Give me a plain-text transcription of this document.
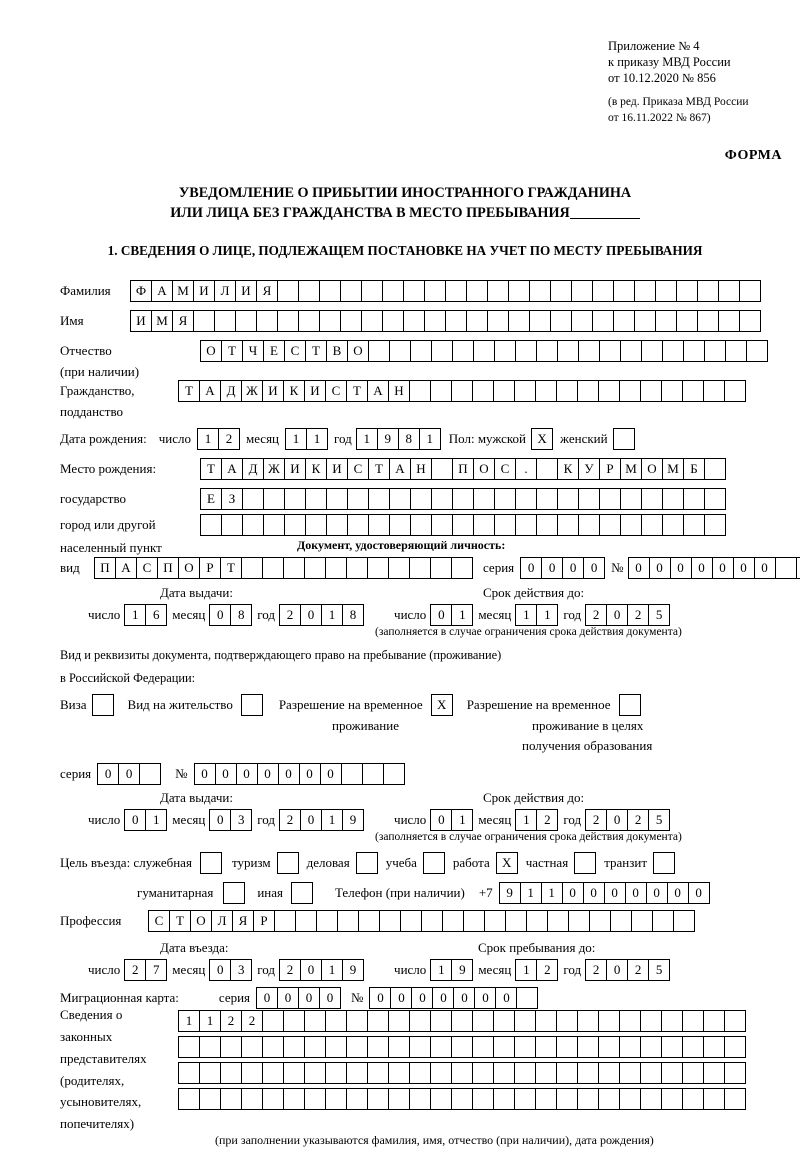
Приложение № 4
к приказу МВД России
от 10.12.2020 № 856
(в ред. Приказа МВД России
от 16.11.2022 № 867)
ФОРМА
УВЕДОМЛЕНИЕ О ПРИБЫТИИ ИНОСТРАННОГО ГРАЖДАНИНА
ИЛИ ЛИЦА БЕЗ ГРАЖДАНСТВА В МЕСТО ПРЕБЫВАНИЯ
1. СВЕДЕНИЯ О ЛИЦЕ, ПОДЛЕЖАЩЕМ ПОСТАНОВКЕ НА УЧЕТ ПО МЕСТУ ПРЕБЫВАНИЯ
Фамилия	Ф А М И Л И Я
Имя	И М Я
Отчество	О Т Ч Е С Т В О
(при наличии)
Гражданство,	Т А Д Ж И К И С Т А Н
подданство
Дата рождения: число	1	2	месяц	1	1	год 1	9	8	1	Пол: мужской X	женский
Место рождения:	Т А Д Ж И К И С Т А Н	П О С	.	К У Р М О М Б
государство	Е	З
город или другой
населенный пункт	Документ, удостоверяющий личность:
вид	П А С П О Р	Т	серия	0	0	0	0	№ 0	0	0	0	0	0	0
Дата выдачи:	Срок действия до:
число 1	6 месяц 0	8 год 2	0	1	8	число 0	1 месяц 1	1 год 2	0	2	5
(заполняется в случае ограничения срока действия документа)
Вид и реквизиты документа, подтверждающего право на пребывание (проживание)
в Российской Федерации:
Виза	Вид на жительство	Разрешение на временное	X	Разрешение на временное
проживание	проживание в целях
получения образования
серия	0	0	№	0	0	0	0	0	0	0
Дата выдачи:	Срок действия до:
число 0	1 месяц 0	3 год 2	0	1	9	число 0	1 месяц 1	2 год 2	0	2	5
(заполняется в случае ограничения срока действия документа)
Цель въезда: служебная	туризм	деловая	учеба	работа X	частная	транзит
гуманитарная	иная	Телефон (при наличии) +7	9	1	1	0	0	0	0	0	0	0
Профессия	С Т О Л Я	Р
Дата въезда:	Срок пребывания до:
число 2	7 месяц 0	3 год 2	0	1	9	число 1	9 месяц 1	2 год 2	0	2	5
Миграционная карта:	серия	0	0	0	0	№	0	0	0	0	0	0	0
Сведения о
законных
представителях
(родителях,
усыновителях,
попечителях)
1	1	2	2
(при заполнении указываются фамилия, имя, отчество (при наличии), дата рождения)
